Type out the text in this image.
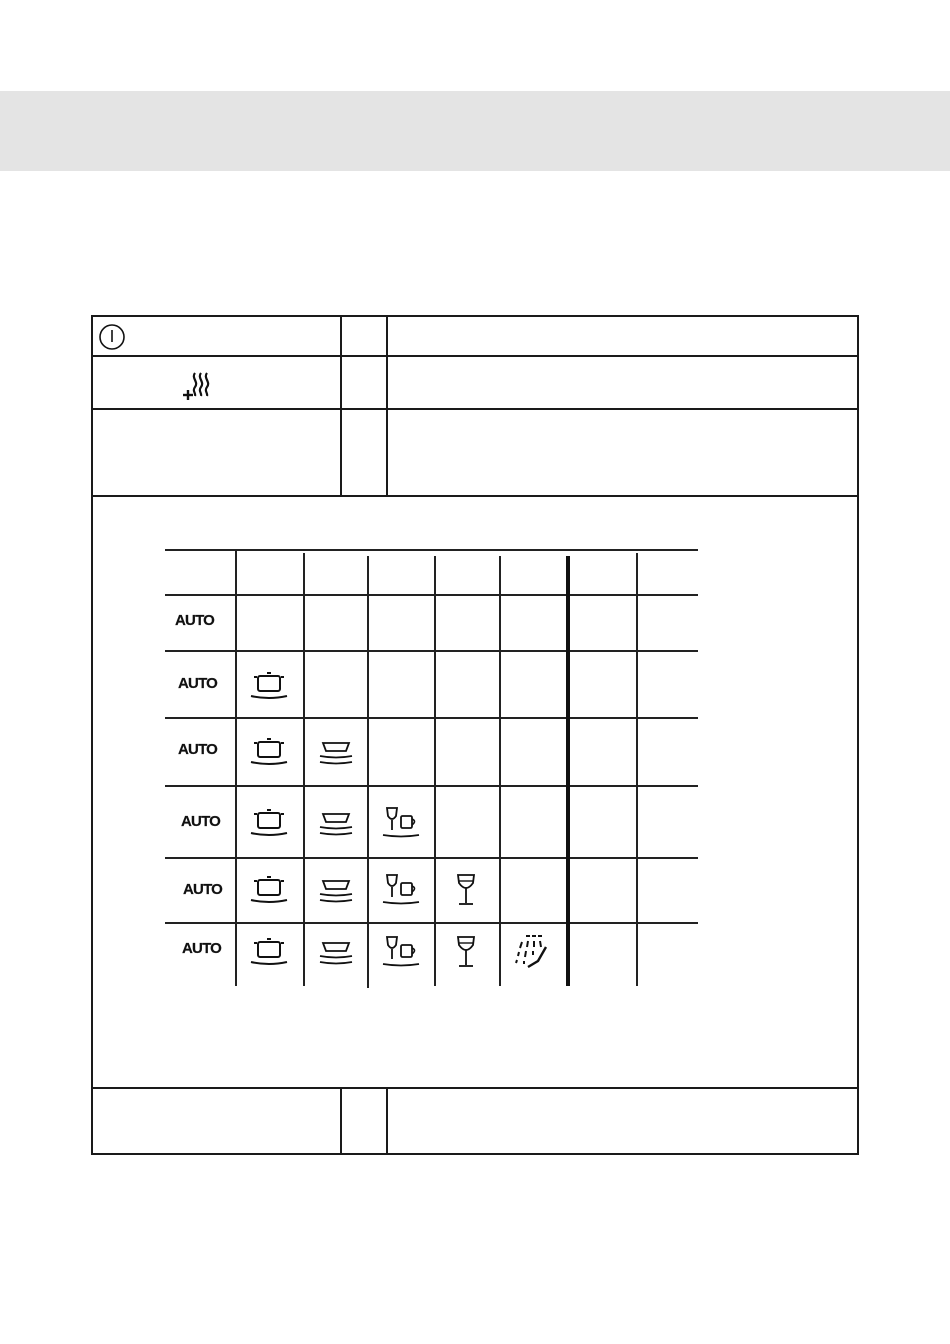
AUTO
AUTO
AUTO
AUTO
AUTO
AUTO
